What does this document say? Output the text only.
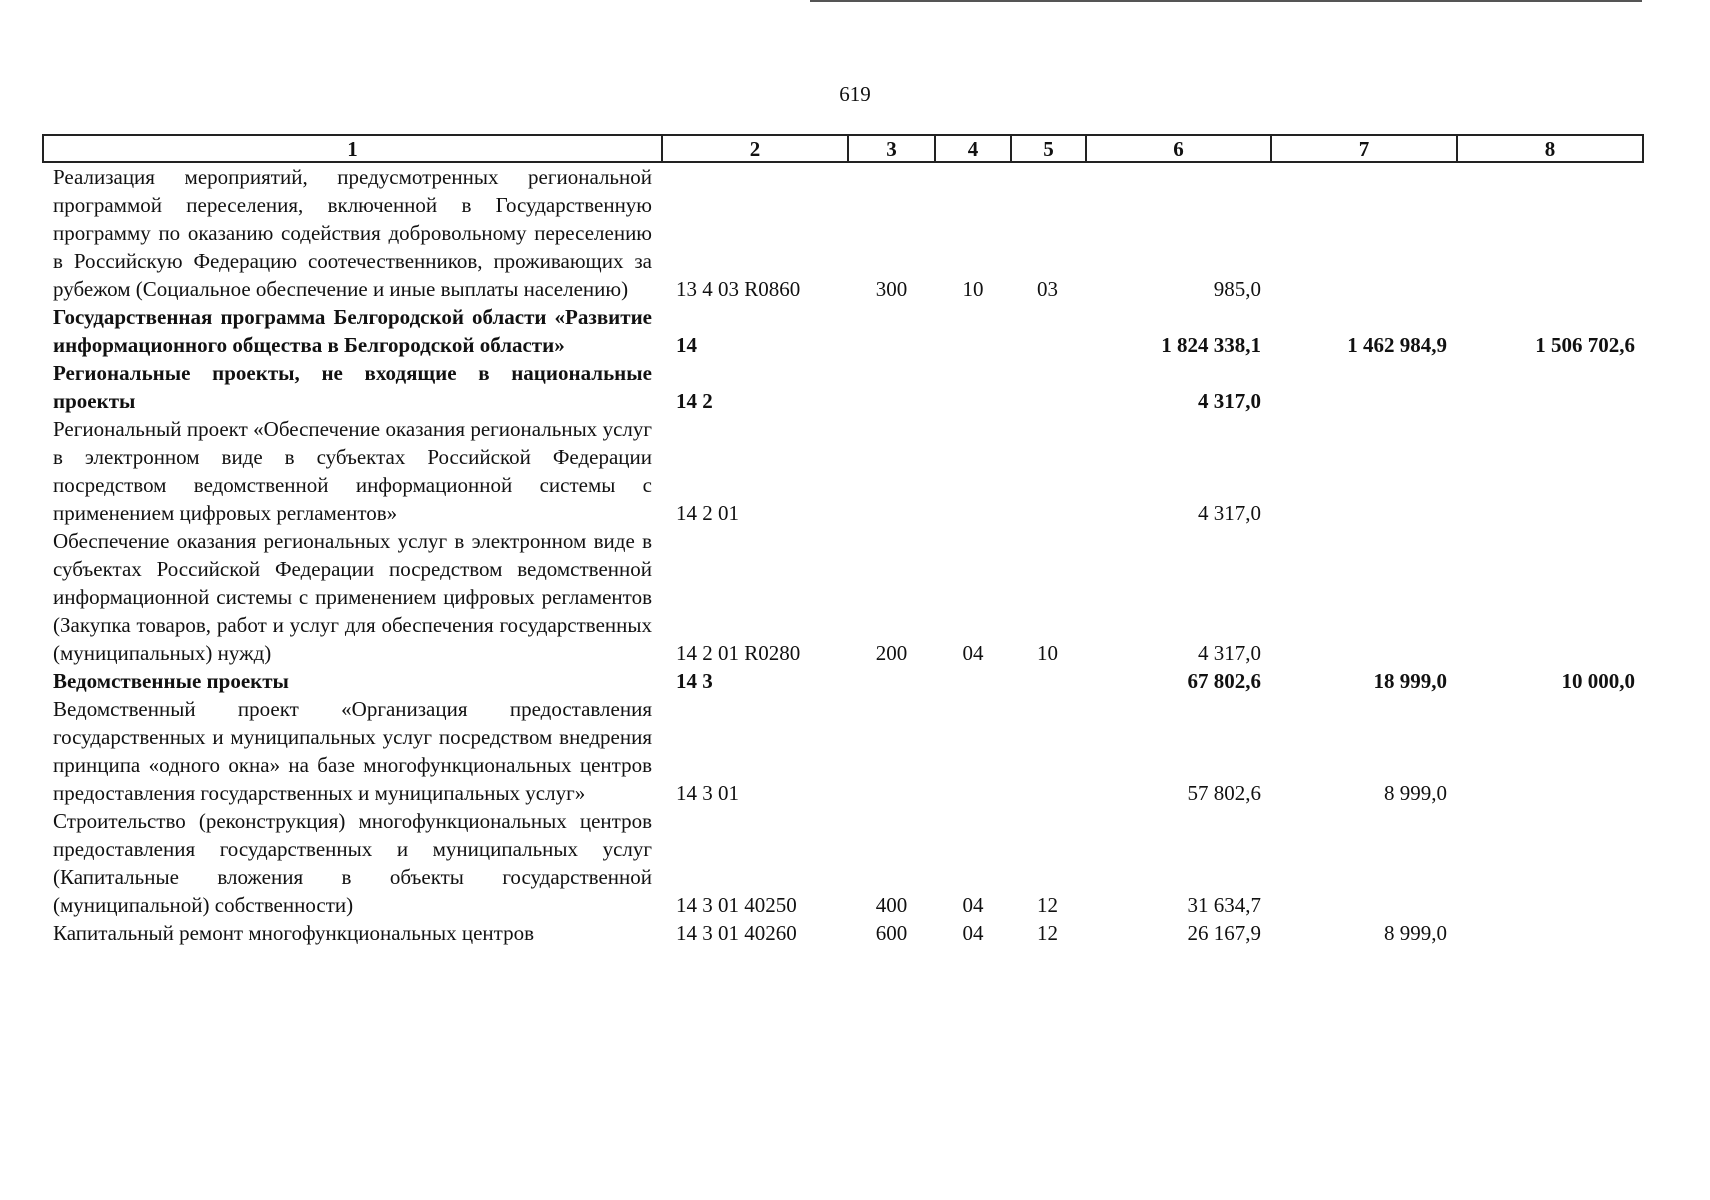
619
1	2	3	4	5	6	7	8
Реализация мероприятий, предусмотренных региональной программой переселения, включенной в Государственную программу по оказанию содействия добровольному переселению в Российскую Федерацию соотечественников, проживающих за рубежом (Социальное обеспечение и иные выплаты населению)	13 4 03 R0860	300	10	03	985,0		
Государственная программа Белгородской области «Развитие информационного общества в Белгородской области»	14				1 824 338,1	1 462 984,9	1 506 702,6
Региональные проекты, не входящие в национальные проекты	14 2				4 317,0		
Региональный проект «Обеспечение оказания региональных услуг в электронном виде в субъектах Российской Федерации посредством ведомственной информационной системы с применением цифровых регламентов»	14 2 01				4 317,0		
Обеспечение оказания региональных услуг в электронном виде в субъектах Российской Федерации посредством ведомственной информационной системы с применением цифровых регламентов (Закупка товаров, работ и услуг для обеспечения государственных (муниципальных) нужд)	14 2 01 R0280	200	04	10	4 317,0		
Ведомственные проекты	14 3				67 802,6	18 999,0	10 000,0
Ведомственный проект «Организация предоставления государственных и муниципальных услуг посредством внедрения принципа «одного окна» на базе многофункциональных центров предоставления государственных и муниципальных услуг»	14 3 01				57 802,6	8 999,0	
Строительство (реконструкция) многофункциональных центров предоставления государственных и муниципальных услуг (Капитальные вложения в объекты государственной (муниципальной) собственности)	14 3 01 40250	400	04	12	31 634,7		
Капитальный ремонт многофункциональных центров	14 3 01 40260	600	04	12	26 167,9	8 999,0	
